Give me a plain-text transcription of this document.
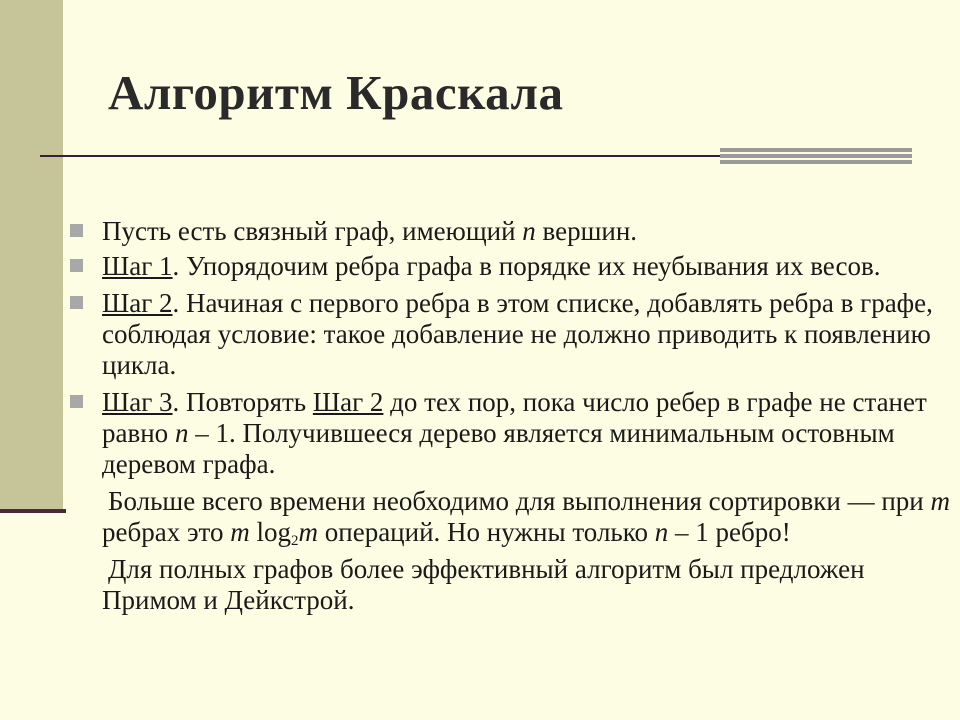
Алгоритм Краскала
Пусть есть связный граф, имеющий n вершин.
Шаг 1. Упорядочим ребра графа в порядке их неубывания их весов.
Шаг 2. Начиная с первого ребра в этом списке, добавлять ребра в графе, соблюдая условие: такое добавление не должно приводить к появлению цикла.
Шаг 3. Повторять Шаг 2 до тех пор, пока число ребер в графе не станет равно n – 1. Получившееся дерево является минимальным остовным деревом графа.
Больше всего времени необходимо для выполнения сортировки — при m ребрах это m $\log_2m$ операций. Но нужны только n – 1 ребро!
Для полных графов более эффективный алгоритм был предложен Примом и Дейкстрой.
